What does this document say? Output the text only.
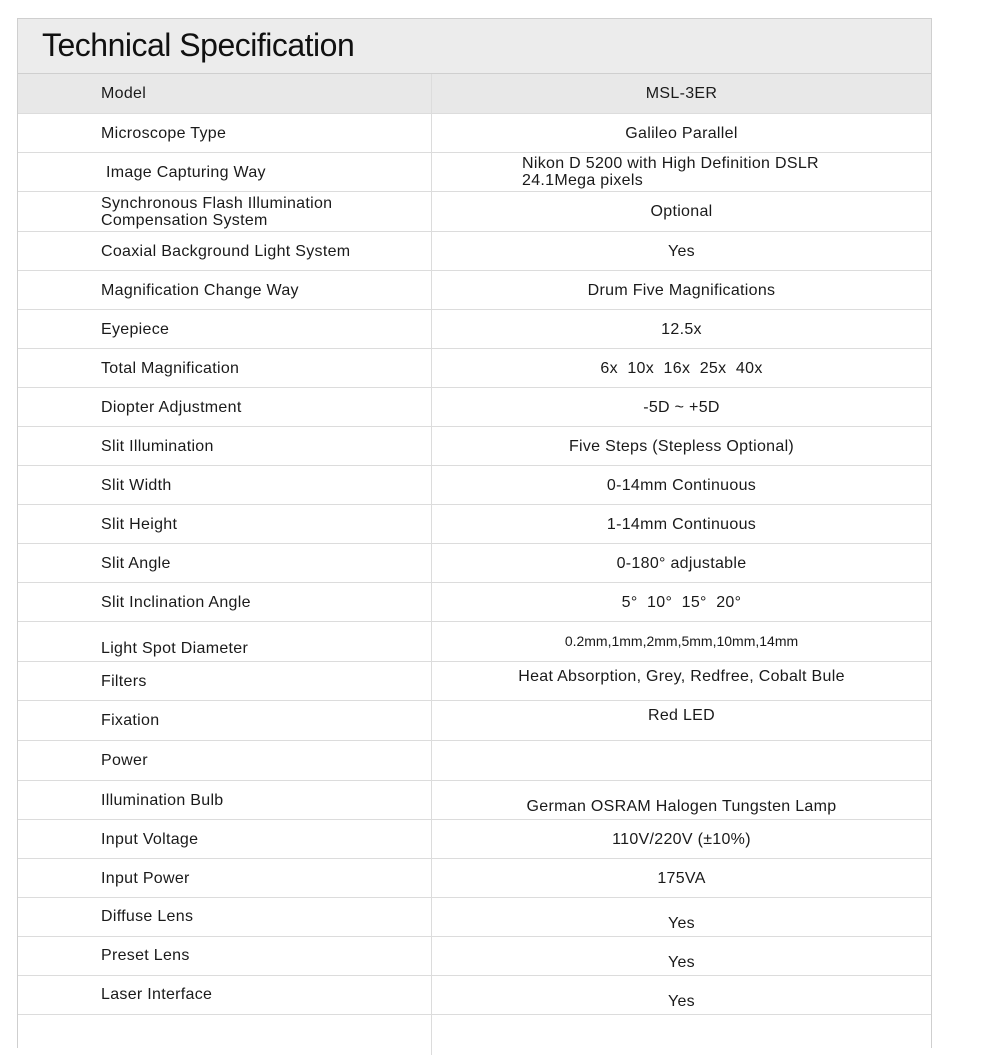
Technical Specification
Model	MSL-3ER
Microscope Type	Galileo Parallel
Image Capturing Way	Nikon D 5200 with High Definition DSLR
24.1Mega pixels
Synchronous Flash Illumination
Compensation System	Optional
Coaxial Background Light System	Yes
Magnification Change Way	Drum Five Magnifications
Eyepiece	12.5x
Total Magnification	6x  10x  16x  25x  40x
Diopter Adjustment	-5D ~ +5D
Slit Illumination	Five Steps (Stepless Optional)
Slit Width	0-14mm Continuous
Slit Height	1-14mm Continuous
Slit Angle	0-180° adjustable
Slit Inclination Angle	5°  10°  15°  20°
Light Spot Diameter	0.2mm,1mm,2mm,5mm,10mm,14mm
Filters	Heat Absorption, Grey, Redfree, Cobalt Bule
Fixation	Red LED
Power
Illumination Bulb	German OSRAM Halogen Tungsten Lamp
Input Voltage	110V/220V (±10%)
Input Power	175VA
Diffuse Lens	Yes
Preset Lens	Yes
Laser Interface	Yes
